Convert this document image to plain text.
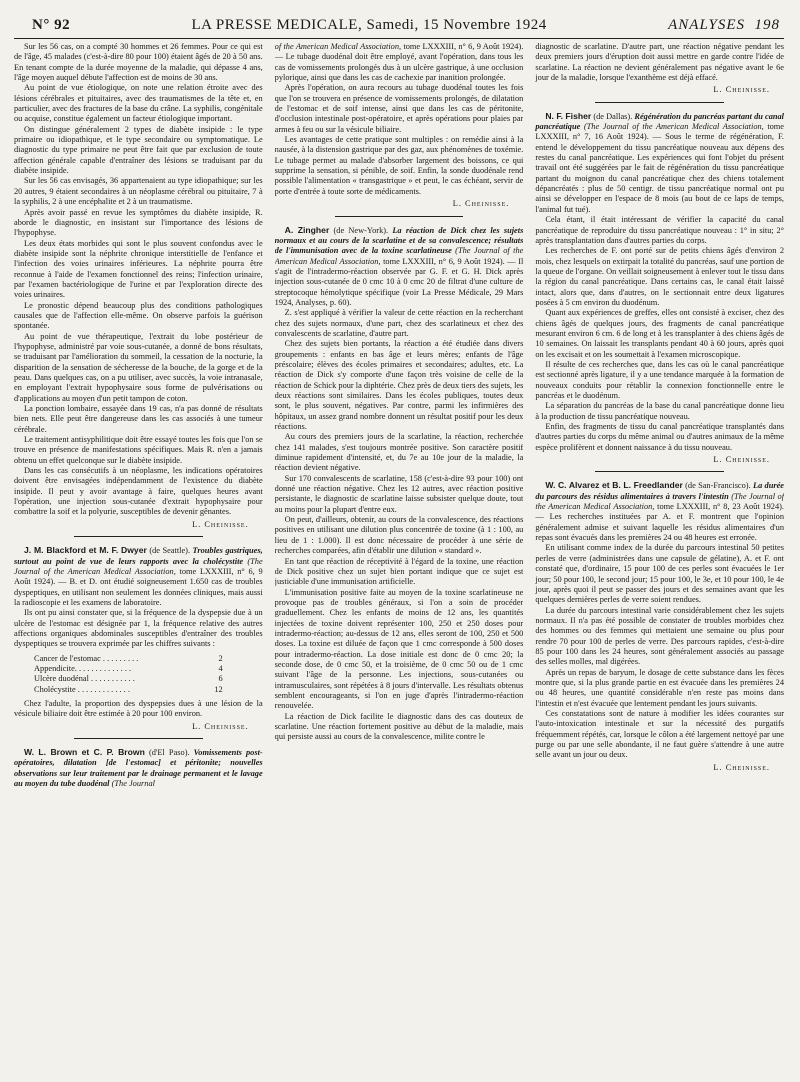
N° 92	LA PRESSE MEDICALE, Samedi, 15 Novembre 1924	ANALYSES 198

Sur les 56 cas, on a compté 30 hommes et 26 femmes. Pour ce qui est de l'âge, 45 malades (c'est-à-dire 80 pour 100) étaient âgés de 20 à 50 ans. En tenant compte de la durée moyenne de la maladie, qui dépasse 4 ans, l'âge moyen auquel débute l'affection est de moins de 30 ans.

Au point de vue étiologique, on note une relation étroite avec des lésions cérébrales et pituitaires, avec des traumatismes de la tête et, en particulier, avec des fractures de la base du crâne. La syphilis, congénitale ou acquise, constitue également un facteur étiologique important.

On distingue généralement 2 types de diabète insipide : le type primaire ou idiopathique, et le type secondaire ou symptomatique. Le diagnostic du type primaire ne peut être fait que par exclusion de toute affection générale capable d'entraîner des lésions se traduisant par du diabète insipide.

Sur les 56 cas envisagés, 36 appartenaient au type idiopathique; sur les 20 autres, 9 étaient secondaires à un néoplasme cérébral ou pituitaire, 7 à la syphilis, 2 à une encéphalite et 2 à un traumatisme.

Après avoir passé en revue les symptômes du diabète insipide, R. aborde le diagnostic, en insistant sur l'importance des lésions de l'hypophyse.

Les deux états morbides qui sont le plus souvent confondus avec le diabète insipide sont la néphrite chronique interstitielle de l'enfance et l'infection des voies urinaires inférieures. La néphrite pourra être reconnue à l'aide de l'examen fonctionnel des reins; l'infection urinaire, par l'examen bactériologique de l'urine et par l'exploration directe des voies urinaires.

Le pronostic dépend beaucoup plus des conditions pathologiques causales que de l'affection elle-même. On observe parfois la guérison spontanée.

Au point de vue thérapeutique, l'extrait du lobe postérieur de l'hypophyse, administré par voie sous-cutanée, a donné de bons résultats, se traduisant par l'amélioration du sommeil, la cessation de la nocturie, la disparition de la sensation de sécheresse de la bouche, de la gorge et de la peau. Dans quelques cas, on a pu utiliser, avec succès, la voie intranasale, en employant l'extrait hypophysaire sous forme de pulvérisations ou d'applications au moyen d'un petit tampon de coton.

La ponction lombaire, essayée dans 19 cas, n'a pas donné de résultats bien nets. Elle peut être dangereuse dans les cas associés à une tumeur cérébrale.

Le traitement antisyphilitique doit être essayé toutes les fois que l'on se trouve en présence de manifestations spécifiques. Mais R. n'en a jamais obtenu un effet quelconque sur le diabète insipide.

Dans les cas consécutifs à un néoplasme, les indications opératoires doivent être envisagées indépendamment de l'existence du diabète insipide. Il peut y avoir avantage à faire, quelques heures avant l'opération, une injection sous-cutanée d'extrait hypophysaire pour combattre la soif et la polyurie, susceptibles de devenir gênantes.

L. Cheinisse.

J. M. Blackford et M. F. Dwyer (de Seattle). Troubles gastriques, surtout au point de vue de leurs rapports avec la cholécystite (The Journal of the American Medical Association, tome LXXXIII, n° 6, 9 Août 1924). — B. et D. ont étudié soigneusement 1.650 cas de troubles dyspeptiques, en utilisant non seulement les données cliniques, mais aussi la radioscopie et les examens de laboratoire.

Ils ont pu ainsi constater que, si la fréquence de la dyspepsie due à un ulcère de l'estomac est désignée par 1, la fréquence relative des autres affections organiques abdominales susceptibles d'entraîner des troubles dyspeptiques se trouvera exprimée par les chiffres suivants :

Cancer de l'estomac . . . . . . . . .	2
Appendicite. . . . . . . . . . . . . .	4
Ulcère duodénal . . . . . . . . . . .	6
Cholécystite . . . . . . . . . . . . .	12

Chez l'adulte, la proportion des dyspepsies dues à une lésion de la vésicule biliaire doit être estimée à 20 pour 100 environ.

L. Cheinisse.

W. L. Brown et C. P. Brown (d'El Paso). Vomissements post-opératoires, dilatation [de l'estomac] et péritonite; nouvelles observations sur leur traitement par le drainage permanent et le lavage au moyen du tube duodénal (The Journal

of the American Medical Association, tome LXXXIII, n° 6, 9 Août 1924). — Le tubage duodénal doit être employé, avant l'opération, dans tous les cas de vomissements prolongés dus à un ulcère gastrique, à une occlusion pylorique, ainsi que dans les cas de cachexie par inanition prolongée.

Après l'opération, on aura recours au tubage duodénal toutes les fois que l'on se trouvera en présence de vomissements prolongés, de dilatation de l'estomac et de soif intense, ainsi que dans les cas de péritonite, d'occlusion intestinale post-opératoire, et après opérations pour plaies par armes à feu ou sur la vésicule biliaire.

Les avantages de cette pratique sont multiples : on remédie ainsi à la nausée, à la distension gastrique par des gaz, aux phénomènes de toxémie. Le tubage permet au malade d'absorber largement des boissons, ce qui supprime la sensation, si pénible, de soif. Enfin, la sonde duodénale rend possible l'alimentation « transgastrique » et peut, le cas échéant, servir de porte d'entrée à toute sorte de médicaments.

L. Cheinisse.

A. Zingher (de New-York). La réaction de Dick chez les sujets normaux et au cours de la scarlatine et de sa convalescence; résultats de l'immunisation avec de la toxine scarlatineuse (The Journal of the American Medical Association, tome LXXXIII, n° 6, 9 Août 1924). — Il s'agit de l'intradermo-réaction observée par G. F. et G. H. Dick après injection sous-cutanée de 0 cmc 10 à 0 cmc 20 de filtrat d'une culture de streptocoque hémolytique spécifique (voir La Presse Médicale, 29 Mars 1924, Analyses, p. 60).

Z. s'est appliqué à vérifier la valeur de cette réaction en la recherchant chez des sujets normaux, d'une part, chez des scarlatineux et chez des convalescents de scarlatine, d'autre part.

Chez des sujets bien portants, la réaction a été étudiée dans divers groupements : enfants en bas âge et leurs mères; enfants de l'âge préscolaire; élèves des écoles primaires et secondaires; adultes, etc. La réaction de Dick s'y comporte d'une façon très voisine de celle de la réaction de Schick pour la diphtérie. Chez près de deux tiers des sujets, les deux réactions sont similaires. Dans les écoles publiques, toutes deux sont, le plus souvent, négatives. Par contre, parmi les infirmières des hôpitaux, un assez grand nombre donnent un résultat positif pour les deux réactions.

Au cours des premiers jours de la scarlatine, la réaction, recherchée chez 141 malades, s'est toujours montrée positive. Son caractère positif diminue rapidement d'intensité, et, du 7e au 10e jour de la maladie, la réaction devient négative.

Sur 170 convalescents de scarlatine, 158 (c'est-à-dire 93 pour 100) ont donné une réaction négative. Chez les 12 autres, avec réaction positive persistante, le diagnostic de scarlatine laisse subsister quelque doute, tout au moins pour la plupart d'entre eux.

On peut, d'ailleurs, obtenir, au cours de la convalescence, des réactions positives en utilisant une dilution plus concentrée de toxine (à 1 : 100, au lieu de 1 : 1.000). Il est donc nécessaire de procéder à une série de recherches comparées, afin d'établir une dilution « standard ».

En tant que réaction de réceptivité à l'égard de la toxine, une réaction de Dick positive chez un sujet bien portant indique que ce sujet est justiciable d'une immunisation artificielle.

L'immunisation positive faite au moyen de la toxine scarlatineuse ne provoque pas de troubles généraux, si l'on a soin de procéder graduellement. Chez les enfants de moins de 12 ans, les quantités injectées de toxine doivent représenter 100, 250 et 250 doses pour intradermo-réaction; au-dessus de 12 ans, elles seront de 100, 250 et 500 doses. La toxine est diluée de façon que 1 cmc corresponde à 500 doses pour intradermo-réaction. La dose initiale est donc de 0 cmc 20; la seconde dose, de 0 cmc 50, et la troisième, de 0 cmc 50 ou de 1 cmc suivant l'âge de la personne. Les injections, sous-cutanées ou intramusculaires, sont répétées à 8 jours d'intervalle. Les résultats obtenus semblent encourageants, si l'on en juge d'après l'intradermo-réaction renouvelée.

La réaction de Dick facilite le diagnostic dans des cas douteux de scarlatine. Une réaction fortement positive au début de la maladie, mais qui persiste aussi au cours de la convalescence, milite contre le

diagnostic de scarlatine. D'autre part, une réaction négative pendant les deux premiers jours d'éruption doit aussi mettre en garde contre l'idée de scarlatine. La réaction ne devient généralement pas négative avant le 6e jour de la maladie, lorsque l'exanthème est déjà effacé.

L. Cheinisse.

N. F. Fisher (de Dallas). Régénération du pancréas partant du canal pancréatique (The Journal of the American Medical Association, tome LXXXIII, n° 7, 16 Août 1924). — Sous le terme de régénération, F. entend le développement du tissu pancréatique nouveau aux dépens des restes du canal pancréatique. Les expériences qui font l'objet du présent travail ont été suggérées par le fait de régénération du tissu pancréatique partant du moignon du canal pancréatique chez des chiens totalement dépancréatés : plus de 50 centigr. de tissu pancréatique normal ont pu ainsi se développer en l'espace de 8 mois (au bout de ce laps de temps, l'animal fut tué).

Cela étant, il était intéressant de vérifier la capacité du canal pancréatique de reproduire du tissu pancréatique nouveau : 1° in situ; 2° après transplantation dans d'autres parties du corps.

Les recherches de F. ont porté sur de petits chiens âgés d'environ 2 mois, chez lesquels on extirpait la totalité du pancréas, sauf une portion de la queue de l'organe. On veillait soigneusement à enlever tout le tissu dans la région du canal pancréatique. Dans certains cas, le canal était laissé intact, alors que, dans d'autres, on le sectionnait entre deux ligatures posées à 5 cm environ du duodénum.

Quant aux expériences de greffes, elles ont consisté à exciser, chez des chiens âgés de quelques jours, des fragments de canal pancréatique mesurant environ 6 cm. 6 de long et à les transplanter à des chiens âgés de 10 semaines. On laissait les transplants pendant 40 à 60 jours, après quoi on les excisait et on les soumettait à l'examen microscopique.

Il résulte de ces recherches que, dans les cas où le canal pancréatique est sectionné après ligature, il y a une tendance marquée à la formation de nouveaux conduits pour rétablir la connexion fonctionnelle entre le pancréas et le duodénum.

La séparation du pancréas de la base du canal pancréatique donne lieu à la production de tissu pancréatique nouveau.

Enfin, des fragments de tissu du canal pancréatique transplantés dans d'autres parties du corps du même animal ou d'autres animaux de la même espèce prolifèrent et donnent naissance à du tissu nouveau.

L. Cheinisse.

W. C. Alvarez et B. L. Freedlander (de San-Francisco). La durée du parcours des résidus alimentaires à travers l'intestin (The Journal of the American Medical Association, tome LXXXIII, n° 8, 23 Août 1924). — Les recherches instituées par A. et F. montrent que l'opinion généralement admise et suivant laquelle les résidus alimentaires d'un repas sont évacués dans les premières 24 ou 48 heures est erronée.

En utilisant comme index de la durée du parcours intestinal 50 petites perles de verre (administrées dans une capsule de gélatine), A. et F. ont constaté que, d'ordinaire, 15 pour 100 de ces perles sont évacuées le 1er jour; 50 pour 100, le second jour; 15 pour 100, le 3e, et 10 pour 100, le 4e jour, après quoi il peut se passer des jours et des semaines avant que les quelques dernières perles de verre soient rendues.

La durée du parcours intestinal varie considérablement chez les sujets normaux. Il n'a pas été possible de constater de troubles morbides chez des hommes ou des femmes qui mettaient une semaine ou plus pour rendre 70 pour 100 de perles de verre. Des parcours rapides, c'est-à-dire 85 pour 100 dans les 24 heures, sont généralement associés au passage des selles molles, mal digérées.

Après un repas de baryum, le dosage de cette substance dans les fèces montre que, si la plus grande partie en est évacuée dans les premières 24 ou 48 heures, une quantité considérable n'en reste pas moins dans l'intestin et n'est évacuée que lentement pendant les jours suivants.

Ces constatations sont de nature à modifier les idées courantes sur l'auto-intoxication intestinale et sur la nécessité des purgatifs fréquemment répétés, car, lorsque le côlon a été largement nettoyé par une purge ou par une selle abondante, il ne faut guère s'attendre à une autre selle avant un jour ou deux.

L. Cheinisse.
